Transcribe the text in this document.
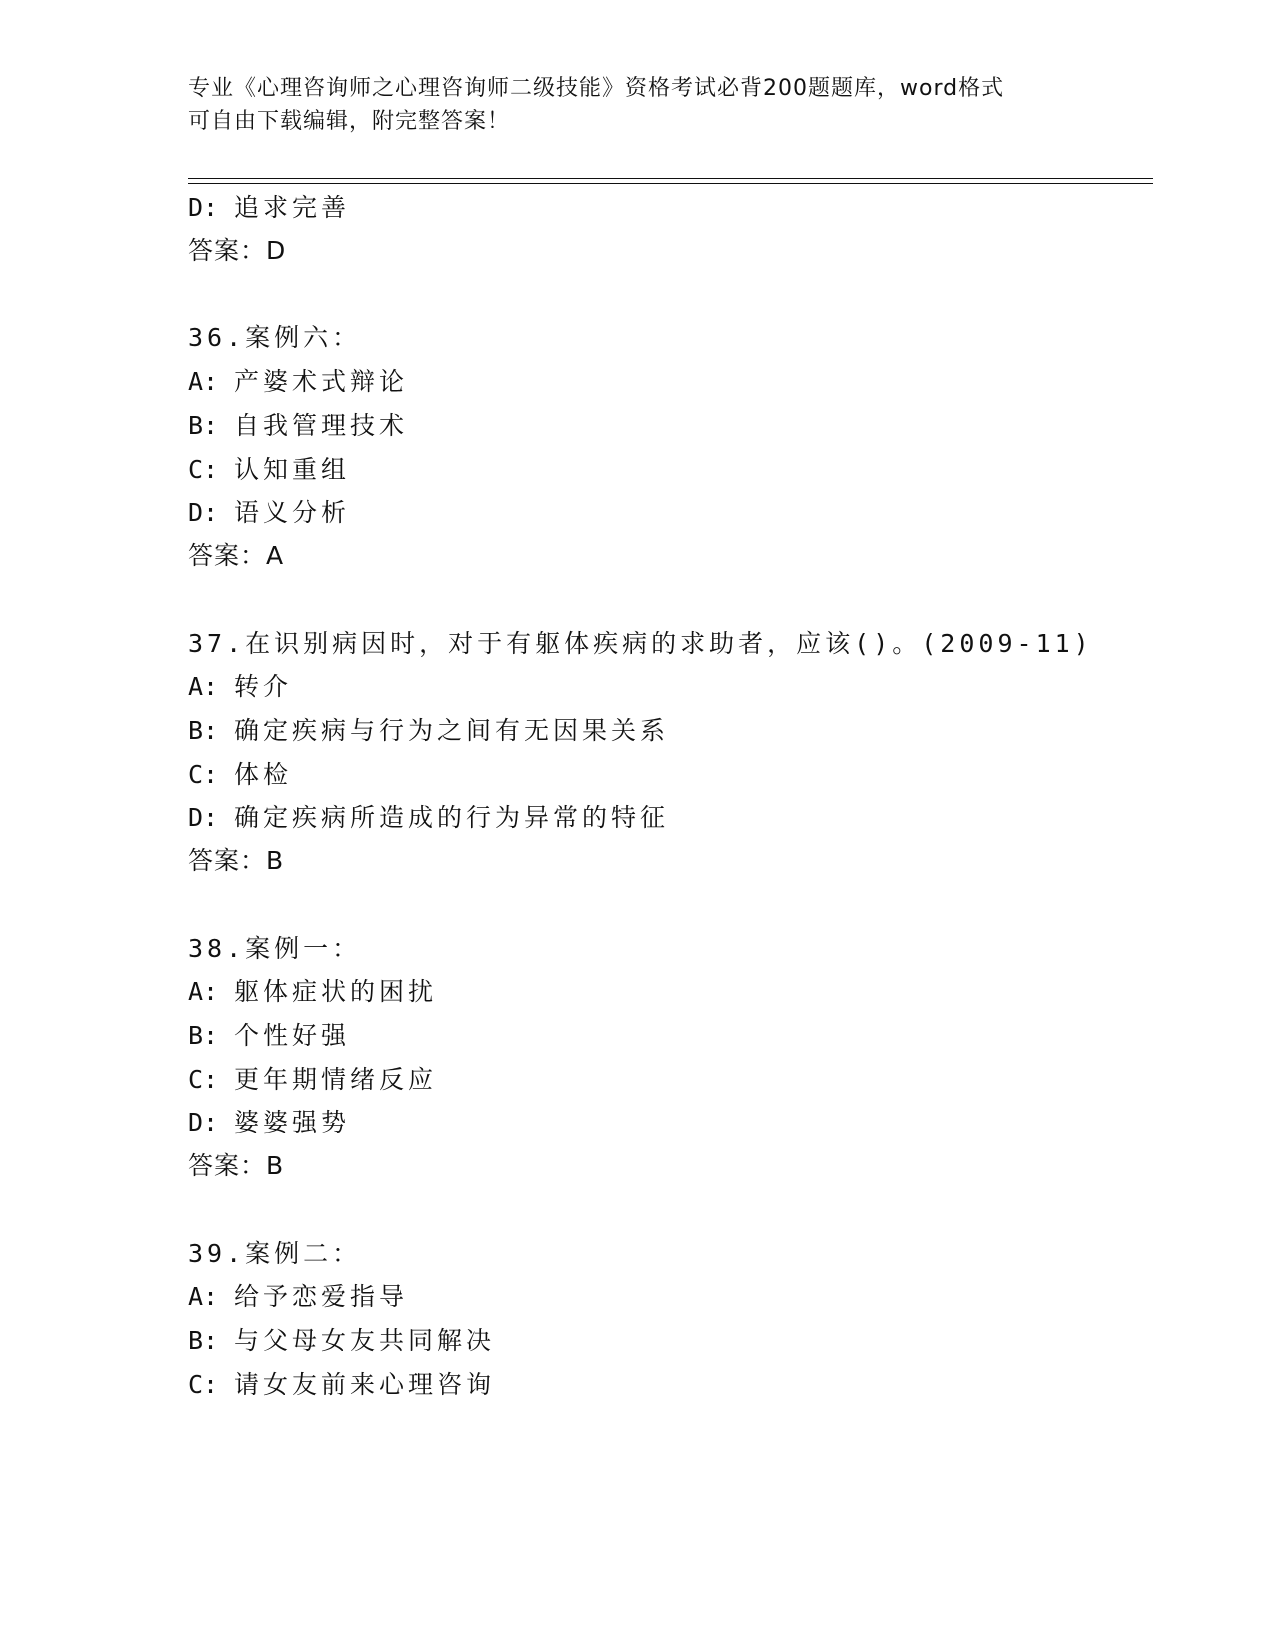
专业《心理咨询师之心理咨询师二级技能》资格考试必背200题题库，word格式
可自由下载编辑，附完整答案！
D: 追求完善
答案：D
36.案例六：
A: 产婆术式辩论
B: 自我管理技术
C: 认知重组
D: 语义分析
答案：A
37.在识别病因时，对于有躯体疾病的求助者，应该()。(2009-11)
A: 转介
B: 确定疾病与行为之间有无因果关系
C: 体检
D: 确定疾病所造成的行为异常的特征
答案：B
38.案例一：
A: 躯体症状的困扰
B: 个性好强
C: 更年期情绪反应
D: 婆婆强势
答案：B
39.案例二：
A: 给予恋爱指导
B: 与父母女友共同解决
C: 请女友前来心理咨询
